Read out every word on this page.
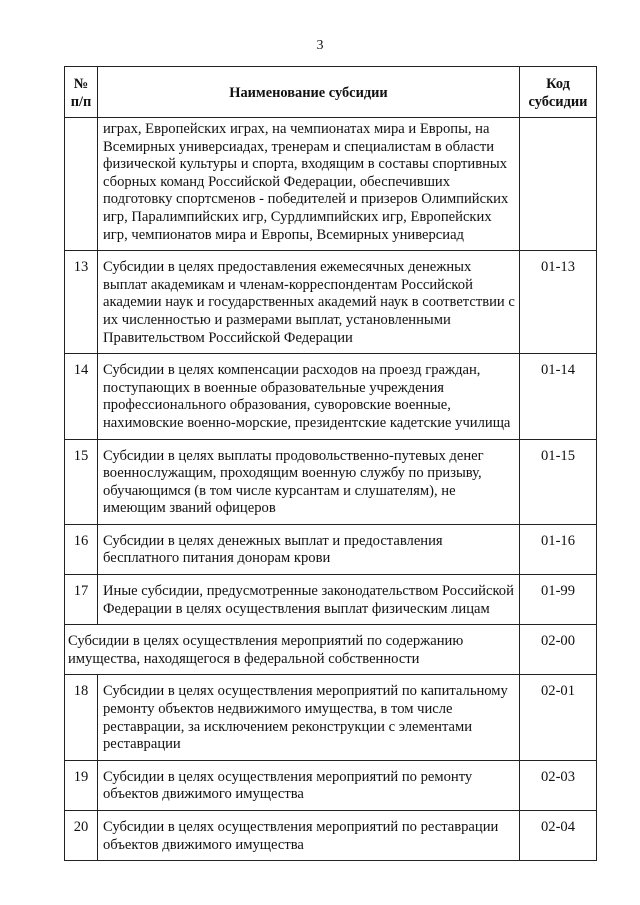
3
№
п/п	Наименование субсидии	Код
субсидии

	играх, Европейских играх, на чемпионатах мира и Европы, на Всемирных универсиадах, тренерам и специалистам в области физической культуры и спорта, входящим в составы спортивных сборных команд Российской Федерации, обеспечивших подготовку спортсменов - победителей и призеров Олимпийских игр, Паралимпийских игр, Сурдлимпийских игр, Европейских игр, чемпионатов мира и Европы, Всемирных универсиад	
13	Субсидии в целях предоставления ежемесячных денежных выплат академикам и членам-корреспондентам Российской академии наук и государственных академий наук в соответствии с их численностью и размерами выплат, установленными Правительством Российской Федерации	01-13
14	Субсидии в целях компенсации расходов на проезд граждан, поступающих в военные образовательные учреждения профессионального образования, суворовские военные, нахимовские военно-морские, президентские кадетские училища	01-14
15	Субсидии в целях выплаты продовольственно-путевых денег военнослужащим, проходящим военную службу по призыву, обучающимся (в том числе курсантам и слушателям), не имеющим званий офицеров	01-15
16	Субсидии в целях денежных выплат и предоставления бесплатного питания донорам крови	01-16
17	Иные субсидии, предусмотренные законодательством Российской Федерации в целях осуществления выплат физическим лицам	01-99
Субсидии в целях осуществления мероприятий по содержанию имущества, находящегося в федеральной собственности		02-00
18	Субсидии в целях осуществления мероприятий по капитальному ремонту объектов недвижимого имущества, в том числе реставрации, за исключением реконструкции с элементами реставрации	02-01
19	Субсидии в целях осуществления мероприятий по ремонту объектов движимого имущества	02-03
20	Субсидии в целях осуществления мероприятий по реставрации объектов движимого имущества	02-04
